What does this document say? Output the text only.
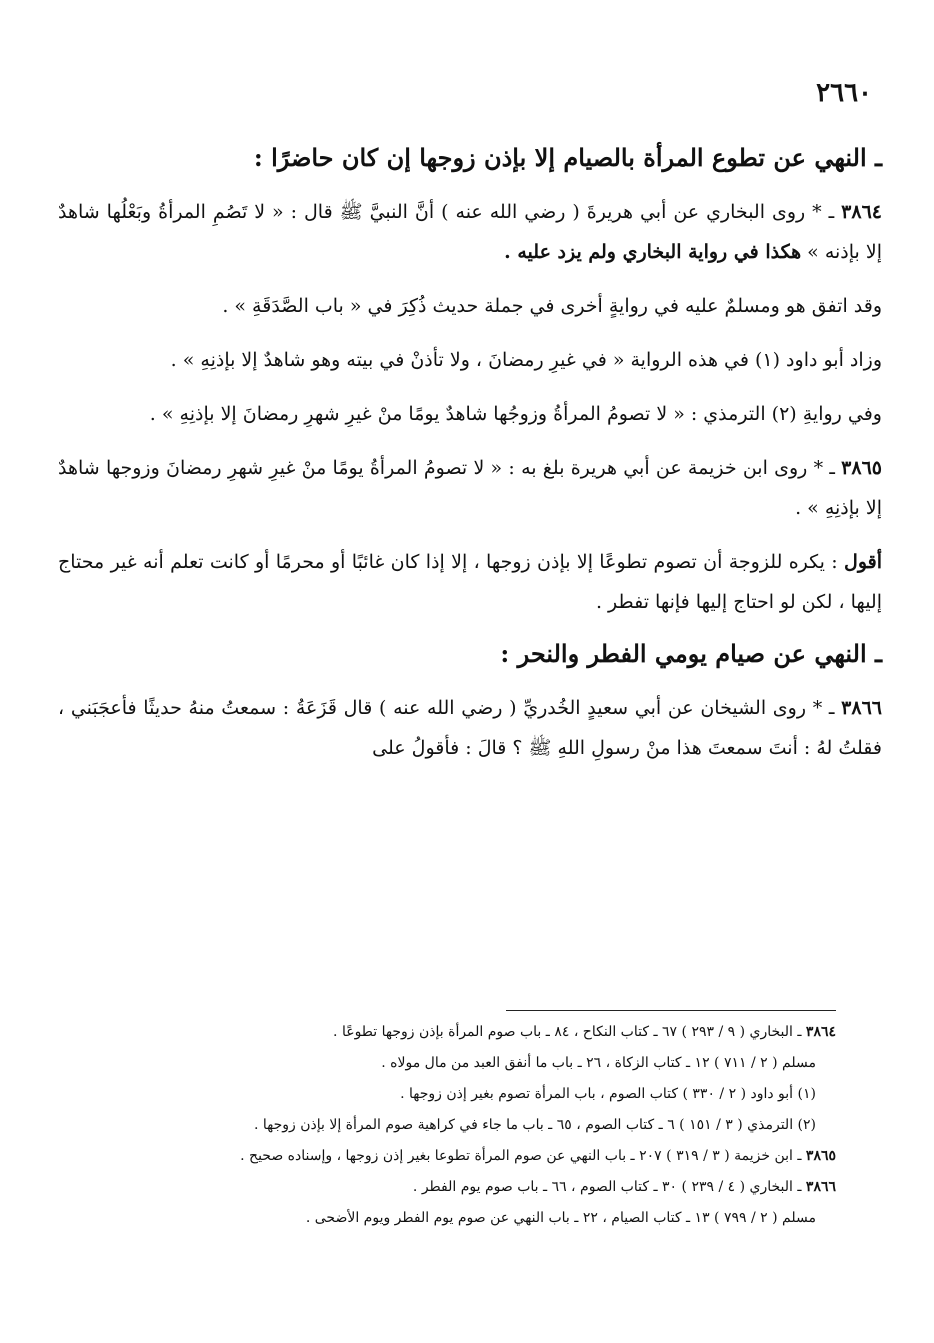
٢٦٦٠
ـ النهي عن تطوع المرأة بالصيام إلا بإذن زوجها إن كان حاضرًا :

٣٨٦٤ ـ * روى البخاري عن أبي هريرةَ ( رضي الله عنه ) أنَّ النبيَّ ﷺ قال : « لا تَصُمِ المرأةُ وبَعْلُها شاهدٌ إلا بإذنه » هكذا في رواية البخاري ولم يزد عليه .

وقد اتفق هو ومسلمٌ عليه في روايةٍ أخرى في جملة حديث ذُكِرَ في « باب الصَّدَقَةِ » .

وزاد أبو داود (١) في هذه الرواية « في غيرِ رمضانَ ، ولا تأذنْ في بيته وهو شاهدٌ إلا بإذنِهِ » .

وفي روايةِ (٢) الترمذي : « لا تصومُ المرأةُ وزوجُها شاهدٌ يومًا منْ غيرِ شهرِ رمضانَ إلا بإذنِهِ » .

٣٨٦٥ ـ * روى ابن خزيمة عن أبي هريرة بلغ به : « لا تصومُ المرأةُ يومًا منْ غيرِ شهرِ رمضانَ وزوجها شاهدٌ إلا بإذنِهِ » .

أقول : يكره للزوجة أن تصوم تطوعًا إلا بإذن زوجها ، إلا إذا كان غائبًا أو محرمًا أو كانت تعلم أنه غير محتاج إليها ، لكن لو احتاج إليها فإنها تفطر .

ـ النهي عن صيام يومي الفطر والنحر :

٣٨٦٦ ـ * روى الشيخان عن أبي سعيدٍ الخُدريِّ ( رضي الله عنه ) قال قَزَعَةُ : سمعتُ منهُ حديثًا فأعجَبَني ، فقلتُ لهُ : أنتَ سمعتَ هذا منْ رسولِ اللهِ ﷺ ؟ قالَ : فأقولُ على

٣٨٦٤ ـ البخاري ( ٩ / ٢٩٣ ) ٦٧ ـ كتاب النكاح ، ٨٤ ـ باب صوم المرأة بإذن زوجها تطوعًا .
مسلم ( ٢ / ٧١١ ) ١٢ ـ كتاب الزكاة ، ٢٦ ـ باب ما أنفق العبد من مال مولاه .
(١) أبو داود ( ٢ / ٣٣٠ ) كتاب الصوم ، باب المرأة تصوم بغير إذن زوجها .
(٢) الترمذي ( ٣ / ١٥١ ) ٦ ـ كتاب الصوم ، ٦٥ ـ باب ما جاء في كراهية صوم المرأة إلا بإذن زوجها .
٣٨٦٥ ـ ابن خزيمة ( ٣ / ٣١٩ ) ٢٠٧ ـ باب النهي عن صوم المرأة تطوعا بغير إذن زوجها ، وإسناده صحيح .
٣٨٦٦ ـ البخاري ( ٤ / ٢٣٩ ) ٣٠ ـ كتاب الصوم ، ٦٦ ـ باب صوم يوم الفطر .
مسلم ( ٢ / ٧٩٩ ) ١٣ ـ كتاب الصيام ، ٢٢ ـ باب النهي عن صوم يوم الفطر ويوم الأضحى .
